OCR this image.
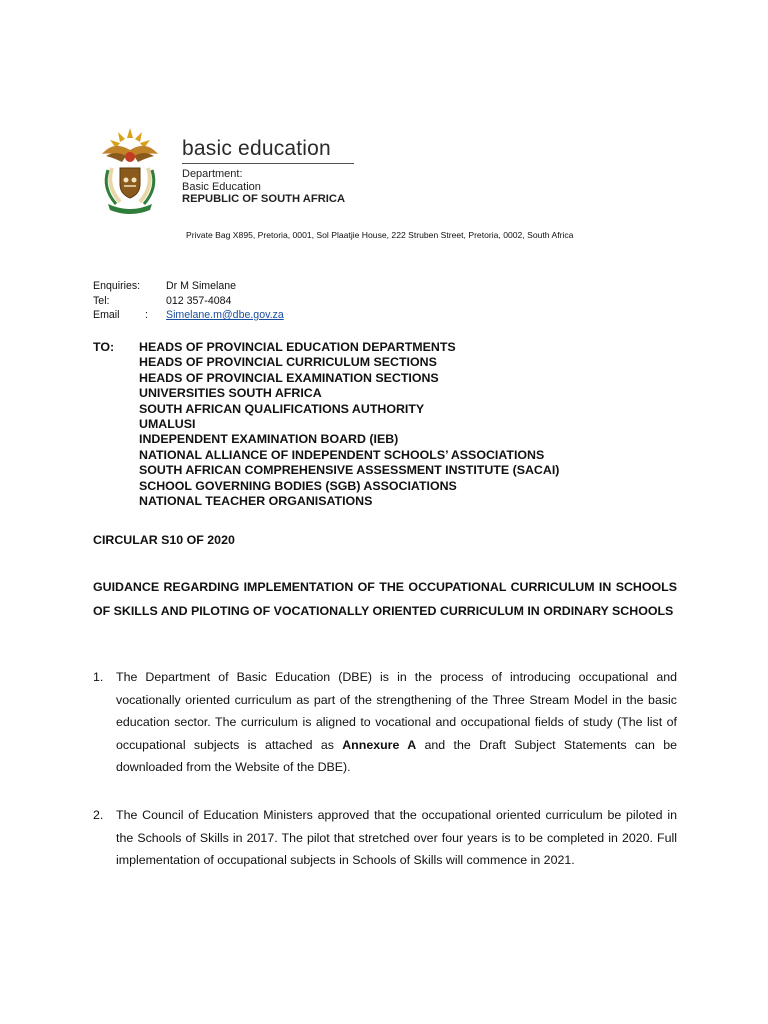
basic education
Department:
Basic Education
REPUBLIC OF SOUTH AFRICA
Private Bag X895, Pretoria, 0001, Sol Plaatjie House, 222 Struben Street, Pretoria, 0002, South Africa
Enquiries: Dr M Simelane
Tel:	012 357-4084
Email : Simelane.m@dbe.gov.za
TO: HEADS OF PROVINCIAL EDUCATION DEPARTMENTS
HEADS OF PROVINCIAL CURRICULUM SECTIONS
HEADS OF PROVINCIAL EXAMINATION SECTIONS
UNIVERSITIES SOUTH AFRICA
SOUTH AFRICAN QUALIFICATIONS AUTHORITY
UMALUSI
INDEPENDENT EXAMINATION BOARD (IEB)
NATIONAL ALLIANCE OF INDEPENDENT SCHOOLS’ ASSOCIATIONS
SOUTH AFRICAN COMPREHENSIVE ASSESSMENT INSTITUTE (SACAI)
SCHOOL GOVERNING BODIES (SGB) ASSOCIATIONS
NATIONAL TEACHER ORGANISATIONS
CIRCULAR S10 OF 2020
GUIDANCE REGARDING IMPLEMENTATION OF THE OCCUPATIONAL CURRICULUM IN SCHOOLS OF SKILLS AND PILOTING OF VOCATIONALLY ORIENTED CURRICULUM IN ORDINARY SCHOOLS
1. The Department of Basic Education (DBE) is in the process of introducing occupational and vocationally oriented curriculum as part of the strengthening of the Three Stream Model in the basic education sector. The curriculum is aligned to vocational and occupational fields of study (The list of occupational subjects is attached as Annexure A and the Draft Subject Statements can be downloaded from the Website of the DBE).
2. The Council of Education Ministers approved that the occupational oriented curriculum be piloted in the Schools of Skills in 2017. The pilot that stretched over four years is to be completed in 2020. Full implementation of occupational subjects in Schools of Skills will commence in 2021.
